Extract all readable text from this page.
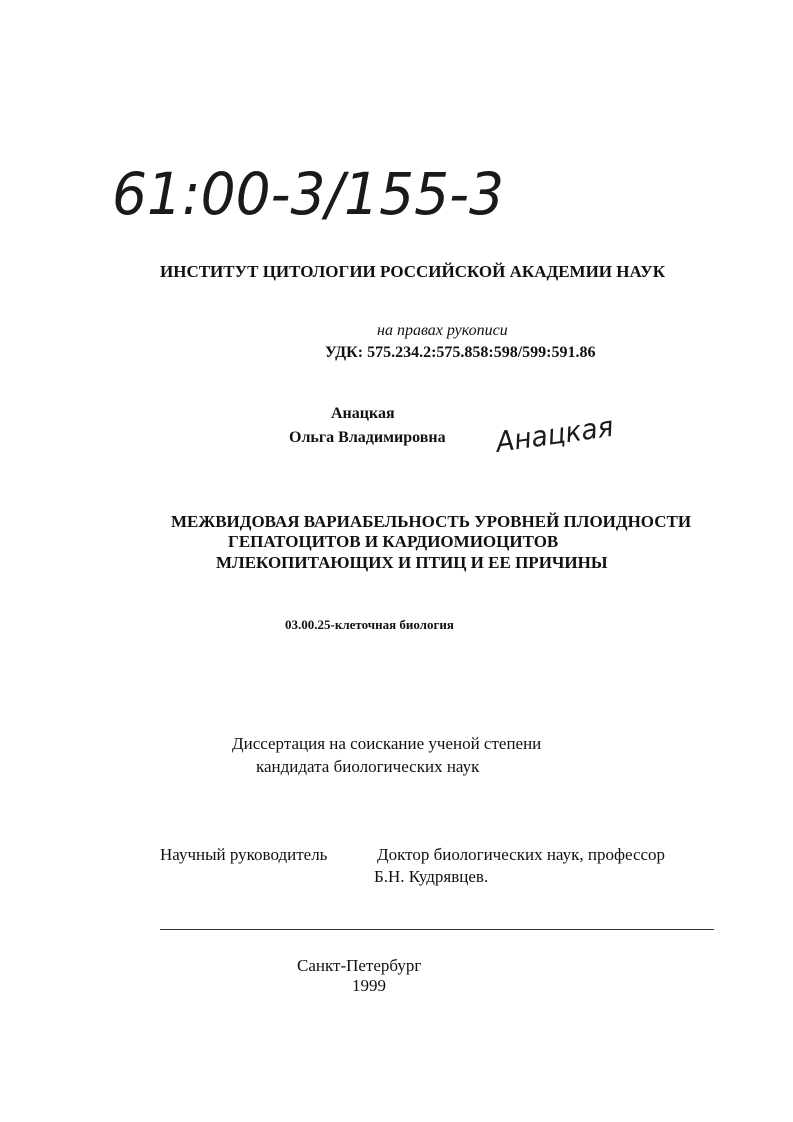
61:00-3/155-3
ИНСТИТУТ ЦИТОЛОГИИ РОССИЙСКОЙ АКАДЕМИИ НАУК
на правах рукописи
УДК: 575.234.2:575.858:598/599:591.86
Анацкая
Ольга Владимировна Анацкая
МЕЖВИДОВАЯ ВАРИАБЕЛЬНОСТЬ УРОВНЕЙ ПЛОИДНОСТИ
ГЕПАТОЦИТОВ И КАРДИОМИОЦИТОВ
МЛЕКОПИТАЮЩИХ И ПТИЦ И ЕЕ ПРИЧИНЫ
03.00.25-клеточная биология
Диссертация на соискание ученой степени
кандидата биологических наук
Научный руководитель	Доктор биологических наук, профессор
Б.Н. Кудрявцев.
Санкт-Петербург
1999
